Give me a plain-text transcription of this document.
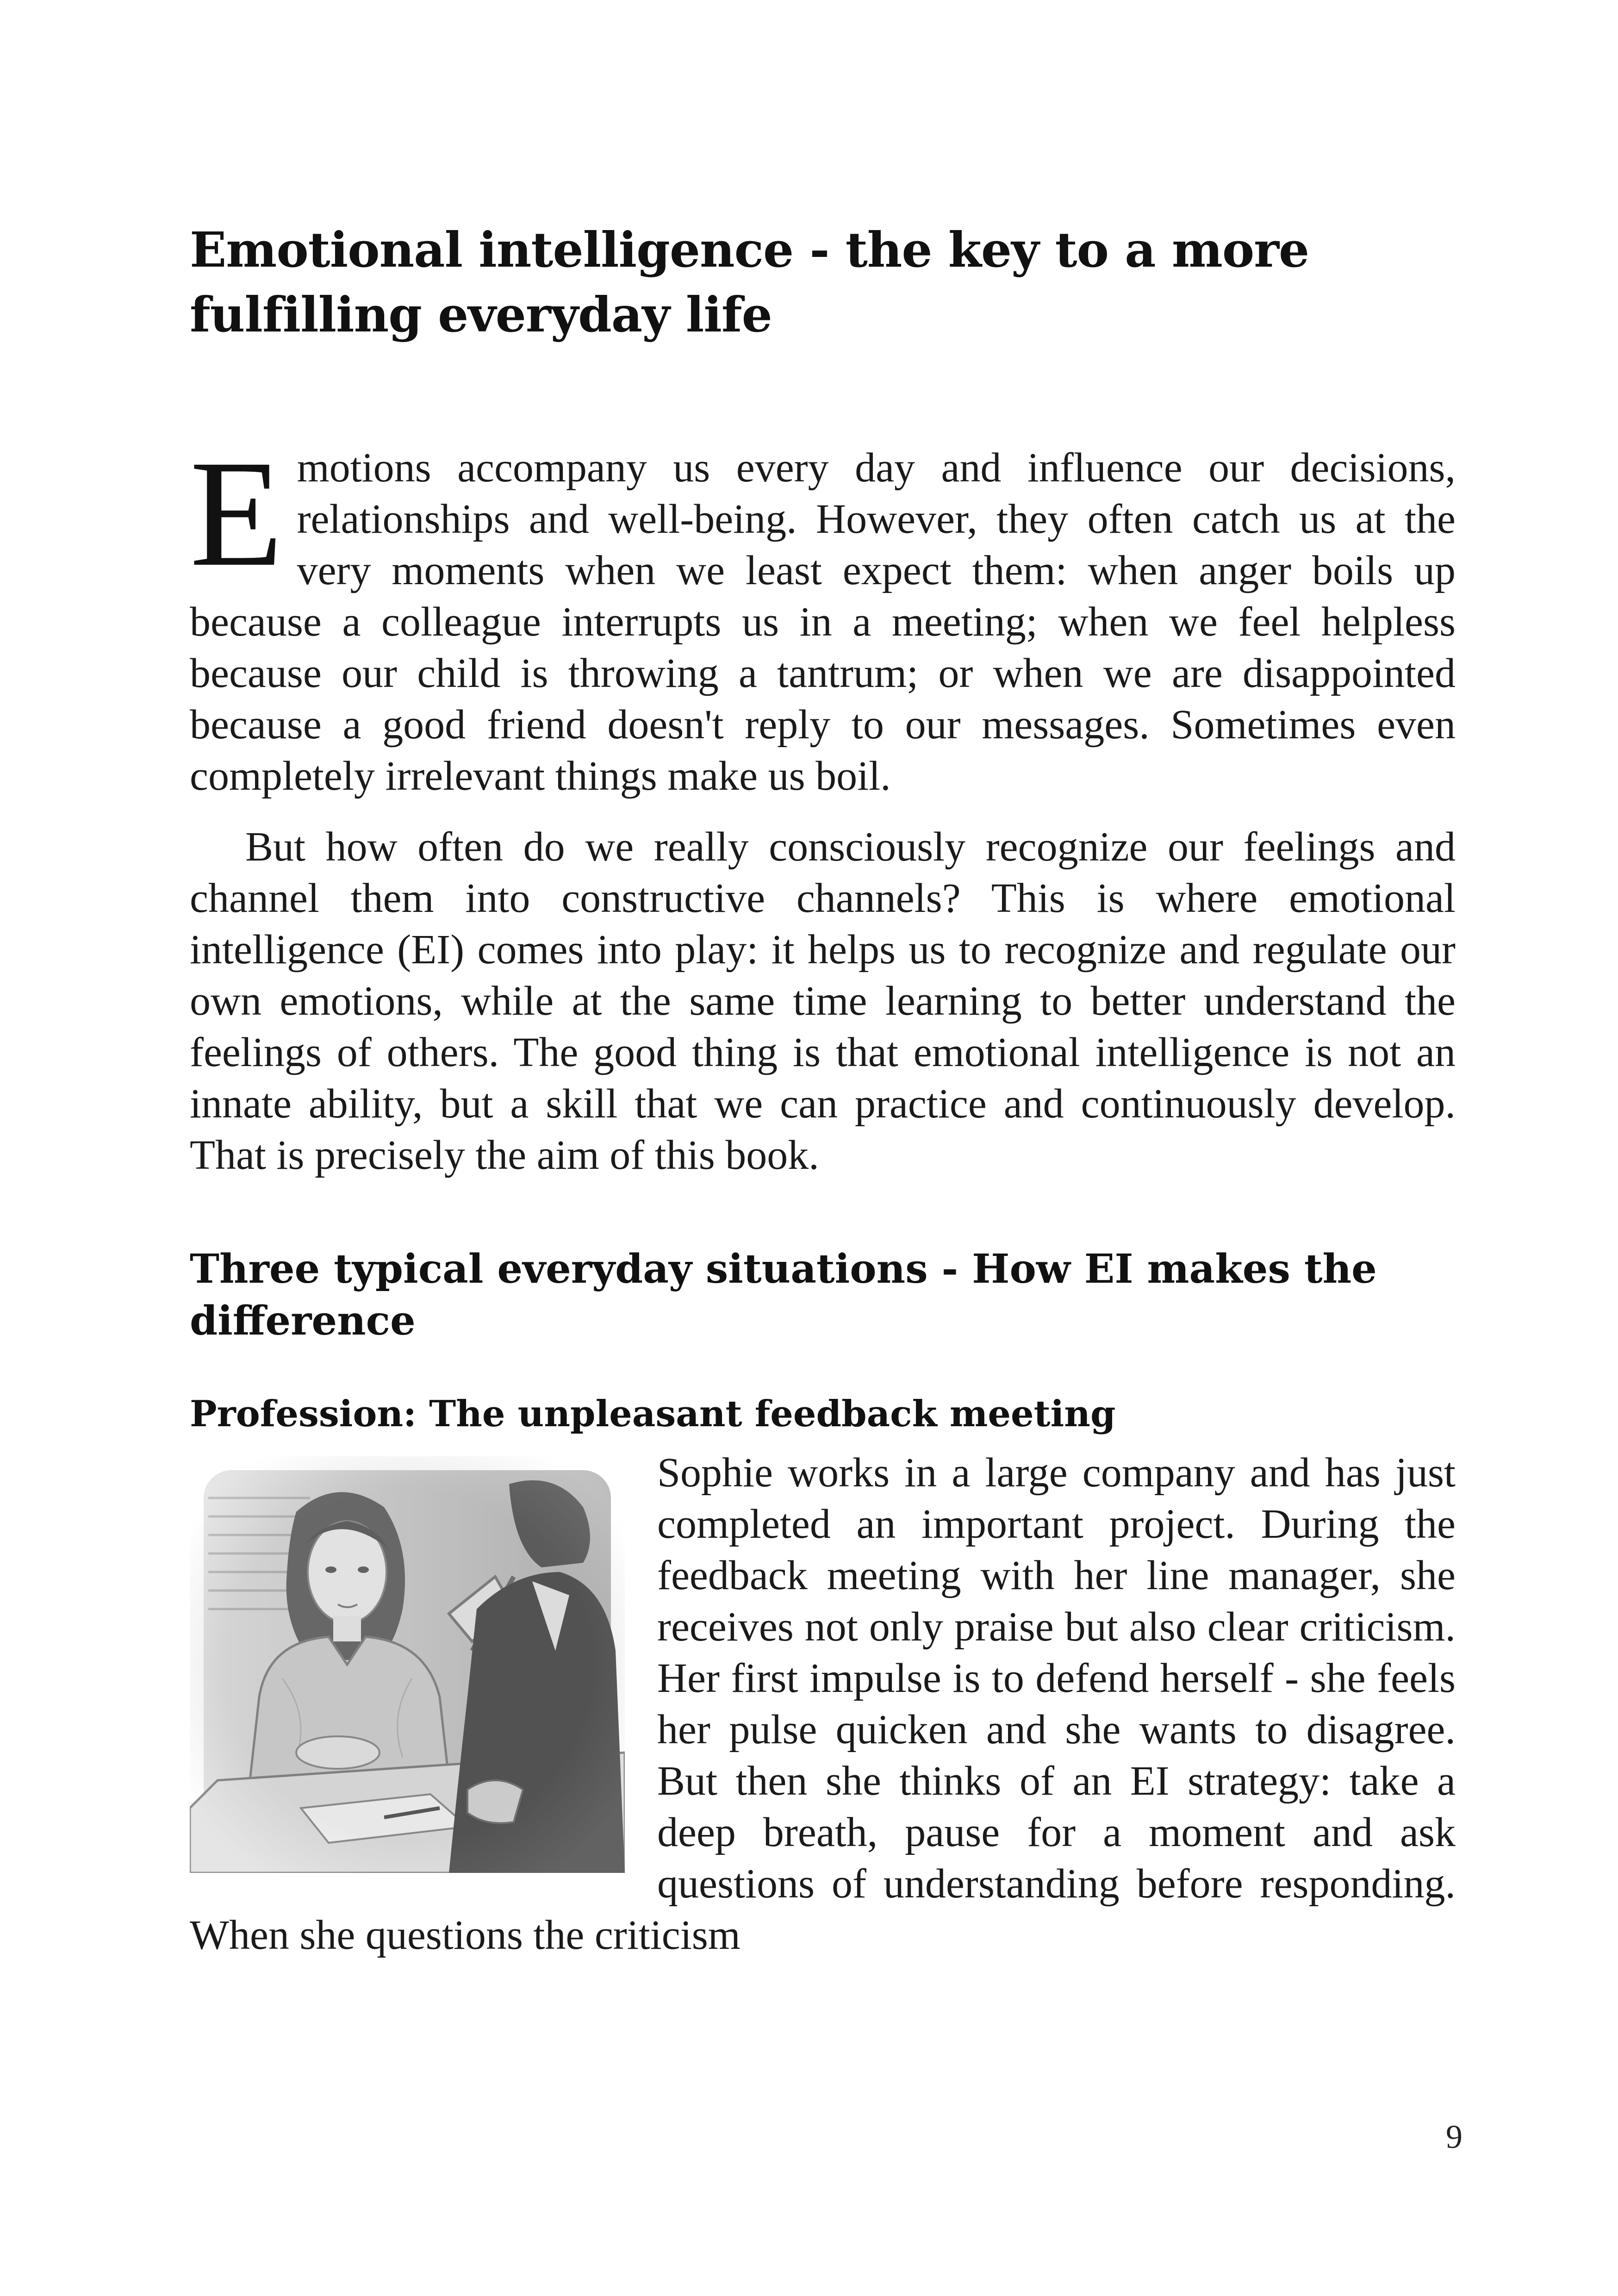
Emotional intelligence - the key to a more fulfilling everyday life

Emotions accompany us every day and influence our decisions, relationships and well-being. However, they often catch us at the very moments when we least expect them: when anger boils up because a colleague interrupts us in a meeting; when we feel helpless because our child is throwing a tantrum; or when we are disappointed because a good friend doesn't reply to our messages. Sometimes even completely irrelevant things make us boil.

But how often do we really consciously recognize our feelings and channel them into constructive channels? This is where emotional intelligence (EI) comes into play: it helps us to recognize and regulate our own emotions, while at the same time learning to better understand the feelings of others. The good thing is that emotional intelligence is not an innate ability, but a skill that we can practice and continuously develop. That is precisely the aim of this book.

Three typical everyday situations - How EI makes the difference
Profession: The unpleasant feedback meeting

Sophie works in a large company and has just completed an important project. During the feedback meeting with her line manager, she receives not only praise but also clear criticism. Her first impulse is to defend herself - she feels her pulse quicken and she wants to disagree. But then she thinks of an EI strategy: take a deep breath, pause for a moment and ask questions of understanding before responding. When she questions the criticism

9
